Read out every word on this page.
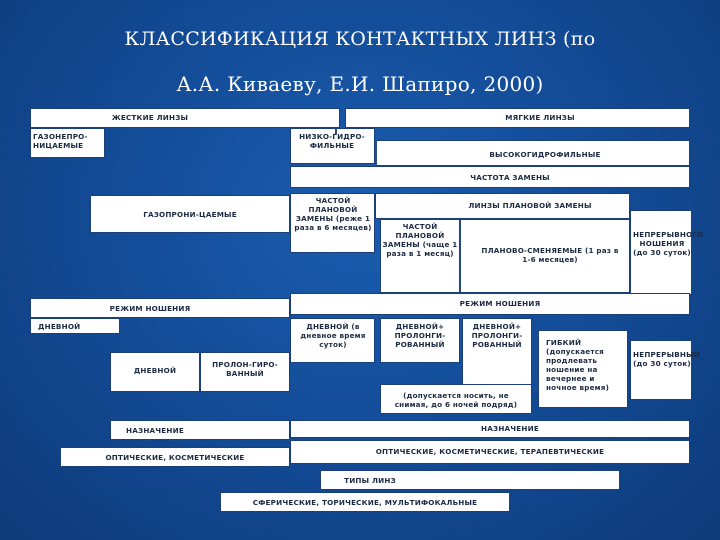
КЛАССИФИКАЦИЯ КОНТАКТНЫХ ЛИНЗ (по
А.А. Киваеву, Е.И. Шапиро, 2000)
ЖЕСТКИЕ ЛИНЗЫ	МЯГКИЕ ЛИНЗЫ
ГАЗОНЕПРО-НИЦАЕМЫЕ
НИЗКО-ГИДРО-ФИЛЬНЫЕ
ВЫСОКОГИДРОФИЛЬНЫЕ
ЧАСТОТА ЗАМЕНЫ
ГАЗОПРОНИ-ЦАЕМЫЕ
ЧАСТОЙ ПЛАНОВОЙ ЗАМЕНЫ (реже 1 раза в 6 месяцев)
ЛИНЗЫ ПЛАНОВОЙ ЗАМЕНЫ
ЧАСТОЙ ПЛАНОВОЙ ЗАМЕНЫ (чаще 1 раза в 1 месяц)	ПЛАНОВО-СМЕНЯЕМЫЕ (1 раз в 1-6 месяцев)
НЕПРЕРЫВНОГО НОШЕНИЯ (до 30 суток)
РЕЖИМ НОШЕНИЯ
РЕЖИМ НОШЕНИЯ
ДНЕВНОЙ
ДНЕВНОЙ
ПРОЛОН-ГИРО-ВАННЫЙ
ДНЕВНОЙ (в дневное время суток)
ДНЕВНОЙ+ ПРОЛОНГИ-РОВАННЫЙ
ДНЕВНОЙ+ ПРОЛОНГИ-РОВАННЫЙ
(допускается носить, не снимая, до 6 ночей подряд)
ГИБКИЙ (допускается продлевать ношение на вечернее и ночное время)
НЕПРЕРЫВНЫЙ (до 30 суток)
НАЗНАЧЕНИЕ	НАЗНАЧЕНИЕ
ОПТИЧЕСКИЕ, КОСМЕТИЧЕСКИЕ
ОПТИЧЕСКИЕ, КОСМЕТИЧЕСКИЕ, ТЕРАПЕВТИЧЕСКИЕ
ТИПЫ ЛИНЗ
СФЕРИЧЕСКИЕ, ТОРИЧЕСКИЕ, МУЛЬТИФОКАЛЬНЫЕ
